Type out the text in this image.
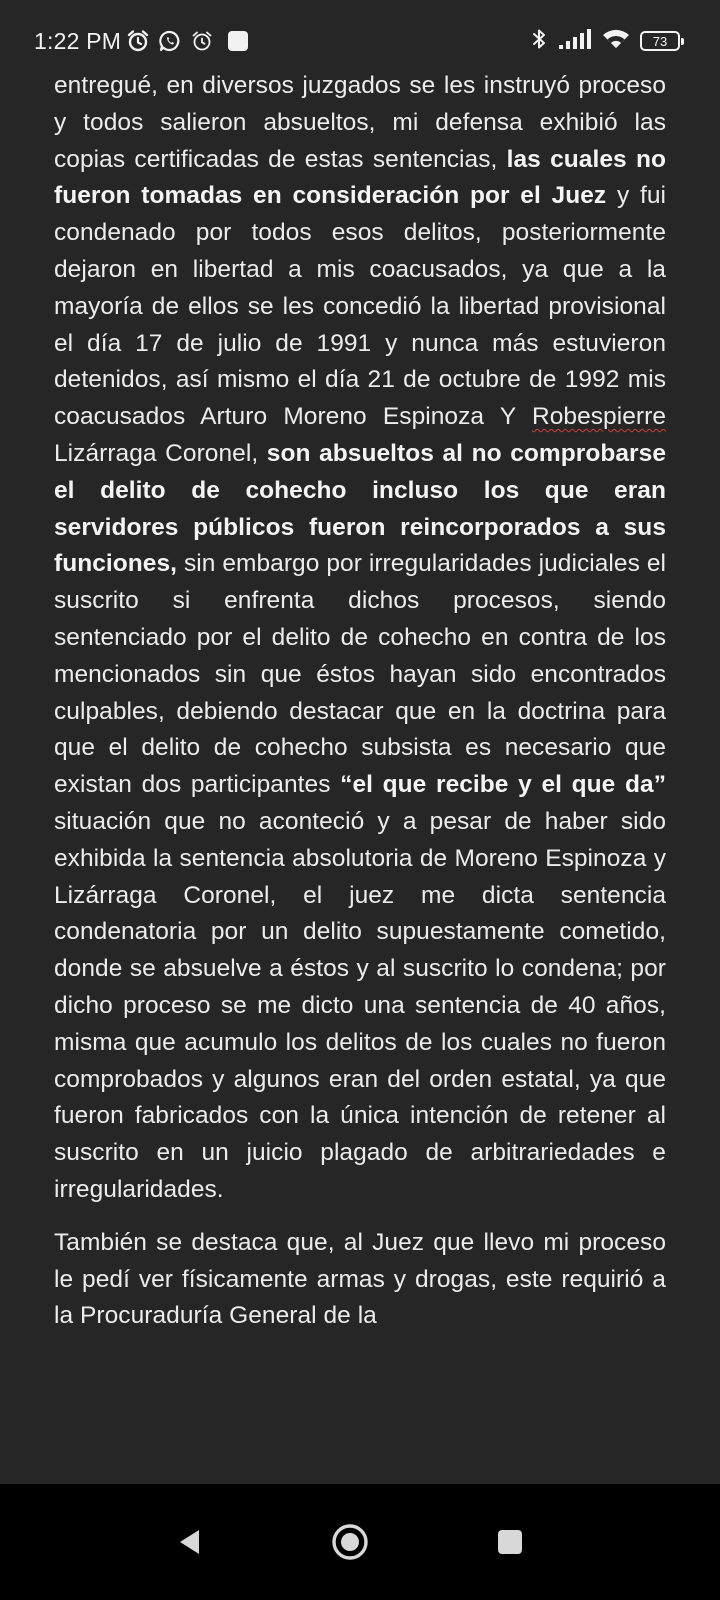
1:22 PM	73

entregué, en diversos juzgados se les instruyó proceso y todos salieron absueltos, mi defensa exhibió las copias certificadas de estas sentencias, las cuales no fueron tomadas en consideración por el Juez y fui condenado por todos esos delitos, posteriormente dejaron en libertad a mis coacusados, ya que a la mayoría de ellos se les concedió la libertad provisional el día 17 de julio de 1991 y nunca más estuvieron detenidos, así mismo el día 21 de octubre de 1992 mis coacusados Arturo Moreno Espinoza Y Robespierre Lizárraga Coronel, son absueltos al no comprobarse el delito de cohecho incluso los que eran servidores públicos fueron reincorporados a sus funciones, sin embargo por irregularidades judiciales el suscrito si enfrenta dichos procesos, siendo sentenciado por el delito de cohecho en contra de los mencionados sin que éstos hayan sido encontrados culpables, debiendo destacar que en la doctrina para que el delito de cohecho subsista es necesario que existan dos participantes “el que recibe y el que da” situación que no aconteció y a pesar de haber sido exhibida la sentencia absolutoria de Moreno Espinoza y Lizárraga Coronel, el juez me dicta sentencia condenatoria por un delito supuestamente cometido, donde se absuelve a éstos y al suscrito lo condena; por dicho proceso se me dicto una sentencia de 40 años, misma que acumulo los delitos de los cuales no fueron comprobados y algunos eran del orden estatal, ya que fueron fabricados con la única intención de retener al suscrito en un juicio plagado de arbitrariedades e irregularidades.

También se destaca que, al Juez que llevo mi proceso le pedí ver físicamente armas y drogas, este requirió a la Procuraduría General de la
